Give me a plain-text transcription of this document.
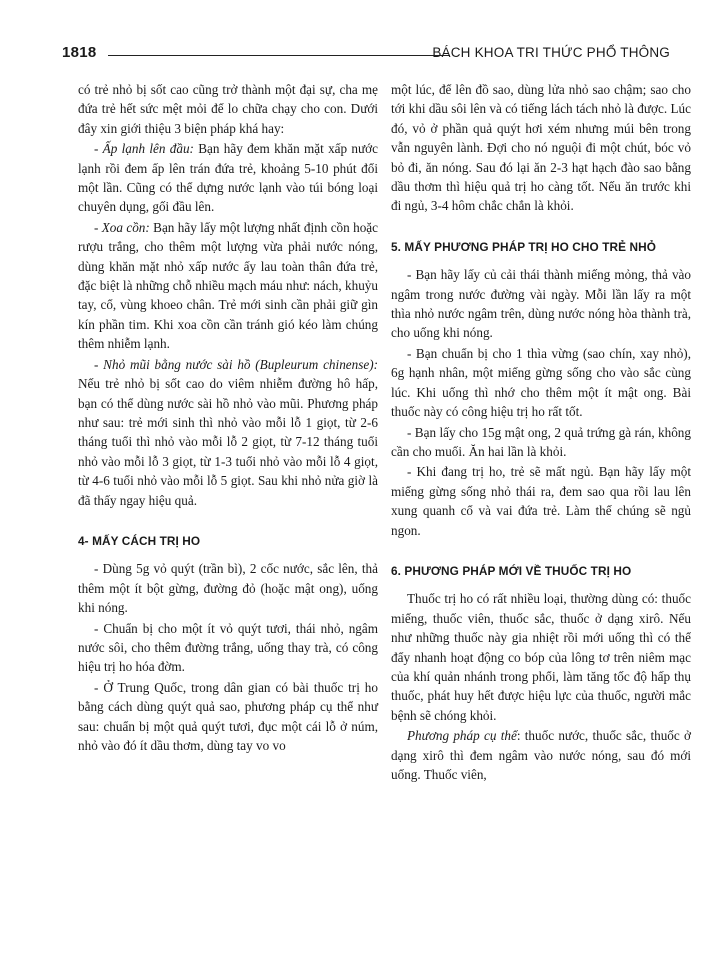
1818	BÁCH KHOA TRI THỨC PHỔ THÔNG

có trẻ nhỏ bị sốt cao cũng trở thành một đại sự, cha mẹ đứa trẻ hết sức mệt mỏi để lo chữa chạy cho con. Dưới đây xin giới thiệu 3 biện pháp khá hay:

- Ấp lạnh lên đầu: Bạn hãy đem khăn mặt xấp nước lạnh rồi đem ấp lên trán đứa trẻ, khoảng 5-10 phút đổi một lần. Cũng có thể dựng nước lạnh vào túi bóng loại chuyên dụng, gối đầu lên.

- Xoa cồn: Bạn hãy lấy một lượng nhất định cồn hoặc rượu trắng, cho thêm một lượng vừa phải nước nóng, dùng khăn mặt nhỏ xấp nước ấy lau toàn thân đứa trẻ, đặc biệt là những chỗ nhiều mạch máu như: nách, khuỷu tay, cổ, vùng khoeo chân. Trẻ mới sinh cần phải giữ gìn kín phần tim. Khi xoa cồn cần tránh gió kéo làm chúng thêm nhiễm lạnh.

- Nhỏ mũi bằng nước sài hồ (Bupleurum chinense): Nếu trẻ nhỏ bị sốt cao do viêm nhiễm đường hô hấp, bạn có thể dùng nước sài hồ nhỏ vào mũi. Phương pháp như sau: trẻ mới sinh thì nhỏ vào mỗi lỗ 1 giọt, từ 2-6 tháng tuổi thì nhỏ vào mỗi lỗ 2 giọt, từ 7-12 tháng tuổi nhỏ vào mỗi lỗ 3 giọt, từ 1-3 tuổi nhỏ vào mỗi lỗ 4 giọt, từ 4-6 tuổi nhỏ vào mỗi lỗ 5 giọt. Sau khi nhỏ nửa giờ là đã thấy ngay hiệu quả.

4- MẤY CÁCH TRỊ HO

- Dùng 5g vỏ quýt (trần bì), 2 cốc nước, sắc lên, thả thêm một ít bột gừng, đường đỏ (hoặc mật ong), uống khi nóng.

- Chuẩn bị cho một ít vỏ quýt tươi, thái nhỏ, ngâm nước sôi, cho thêm đường trắng, uống thay trà, có công hiệu trị ho hóa đờm.

- Ở Trung Quốc, trong dân gian có bài thuốc trị ho bằng cách dùng quýt quả sao, phương pháp cụ thể như sau: chuẩn bị một quả quýt tươi, đục một cái lỗ ở núm, nhỏ vào đó ít dầu thơm, dùng tay vo vo

một lúc, để lên đồ sao, dùng lửa nhỏ sao chậm; sao cho tới khi dầu sôi lên và có tiếng lách tách nhỏ là được. Lúc đó, vỏ ở phần quả quýt hơi xém nhưng múi bên trong vẫn nguyên lành. Đợi cho nó nguội đi một chút, bóc vỏ bỏ đi, ăn nóng. Sau đó lại ăn 2-3 hạt hạch đào sao bằng dầu thơm thì hiệu quả trị ho càng tốt. Nếu ăn trước khi đi ngủ, 3-4 hôm chắc chắn là khỏi.

5. MẤY PHƯƠNG PHÁP TRỊ HO CHO TRẺ NHỎ

- Bạn hãy lấy củ cải thái thành miếng mỏng, thả vào ngâm trong nước đường vài ngày. Mỗi lần lấy ra một thìa nhỏ nước ngâm trên, dùng nước nóng hòa thành trà, cho uống khi nóng.

- Bạn chuẩn bị cho 1 thìa vừng (sao chín, xay nhỏ), 6g hạnh nhân, một miếng gừng sống cho vào sắc cùng lúc. Khi uống thì nhớ cho thêm một ít mật ong. Bài thuốc này có công hiệu trị ho rất tốt.

- Bạn lấy cho 15g mật ong, 2 quả trứng gà rán, không cần cho muối. Ăn hai lần là khỏi.

- Khi đang trị ho, trẻ sẽ mất ngủ. Bạn hãy lấy một miếng gừng sống nhỏ thái ra, đem sao qua rồi lau lên xung quanh cổ và vai đứa trẻ. Làm thế chúng sẽ ngủ ngon.

6. PHƯƠNG PHÁP MỚI VỀ THUỐC TRỊ HO

Thuốc trị ho có rất nhiều loại, thường dùng có: thuốc miếng, thuốc viên, thuốc sắc, thuốc ở dạng xirô. Nếu như những thuốc này gia nhiệt rồi mới uống thì có thể đẩy nhanh hoạt động co bóp của lông tơ trên niêm mạc của khí quản nhánh trong phổi, làm tăng tốc độ hấp thụ thuốc, phát huy hết được hiệu lực của thuốc, người mắc bệnh sẽ chóng khỏi.

Phương pháp cụ thể: thuốc nước, thuốc sắc, thuốc ở dạng xirô thì đem ngâm vào nước nóng, sau đó mới uống. Thuốc viên,
